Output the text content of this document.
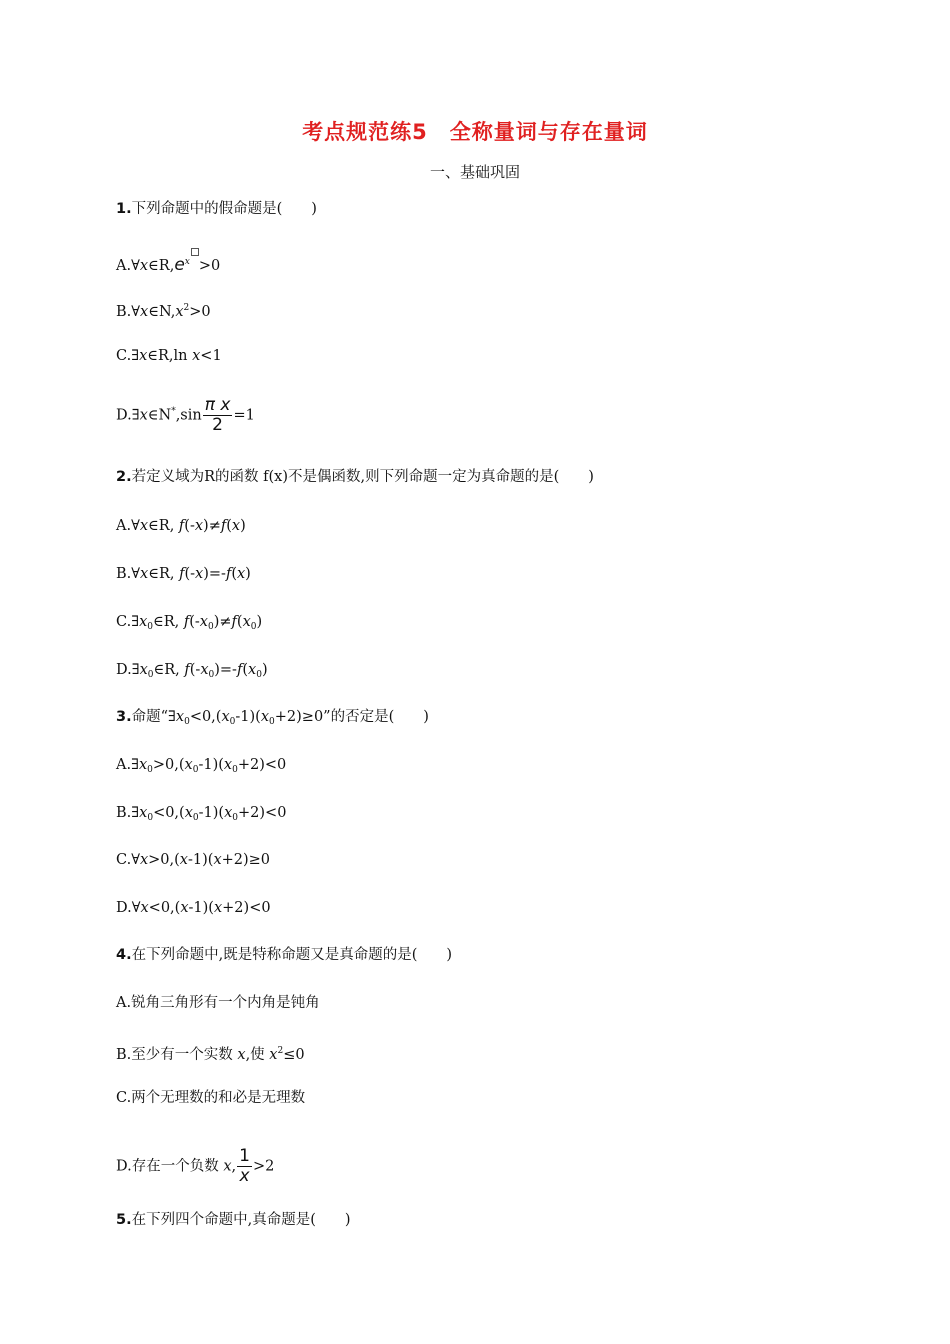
考点规范练5　全称量词与存在量词
一、基础巩固
1.下列命题中的假命题是(　　)
$A.\forall x\in R,e^x >0$
$B.\forall x\in N,x^2>0$
C.∃x∈R,ln x<1
D.∃x∈N*,sin $\frac{\text{π x}}{2} =1$
2.若定义域为R的函数 f(x)不是偶函数,则下列命题一定为真命题的是(　　)
A.∀x∈R, f(-x)≠f(x)
B.∀x∈R, f(-x)=-f(x)
$C.\exists x_0\in R$, $f(-x_0)\ne f(x_0)$
$D.\exists x_0\in R$, $f(-x_0)=-f(x_0)$
3.命题“$\exists x_0<0,(x_0-1)(x_0+2)\ge 0$”的否定是(　　)
$A.\exists x_0>0,(x_0-1)(x_0+2)<0$
$B.\exists x_0<0,(x_0-1)(x_0+2)<0$
C.∀x>0,(x-1)(x+2)≥0
D.∀x<0,(x-1)(x+2)<0
4.在下列命题中,既是特称命题又是真命题的是(　　)
A.锐角三角形有一个内角是钝角
B.至少有一个实数 x,使 $x^2\le 0$
C.两个无理数的和必是无理数
D.存在一个负数 x, $\frac{1}{x} >2$
5.在下列四个命题中,真命题是(　　)
